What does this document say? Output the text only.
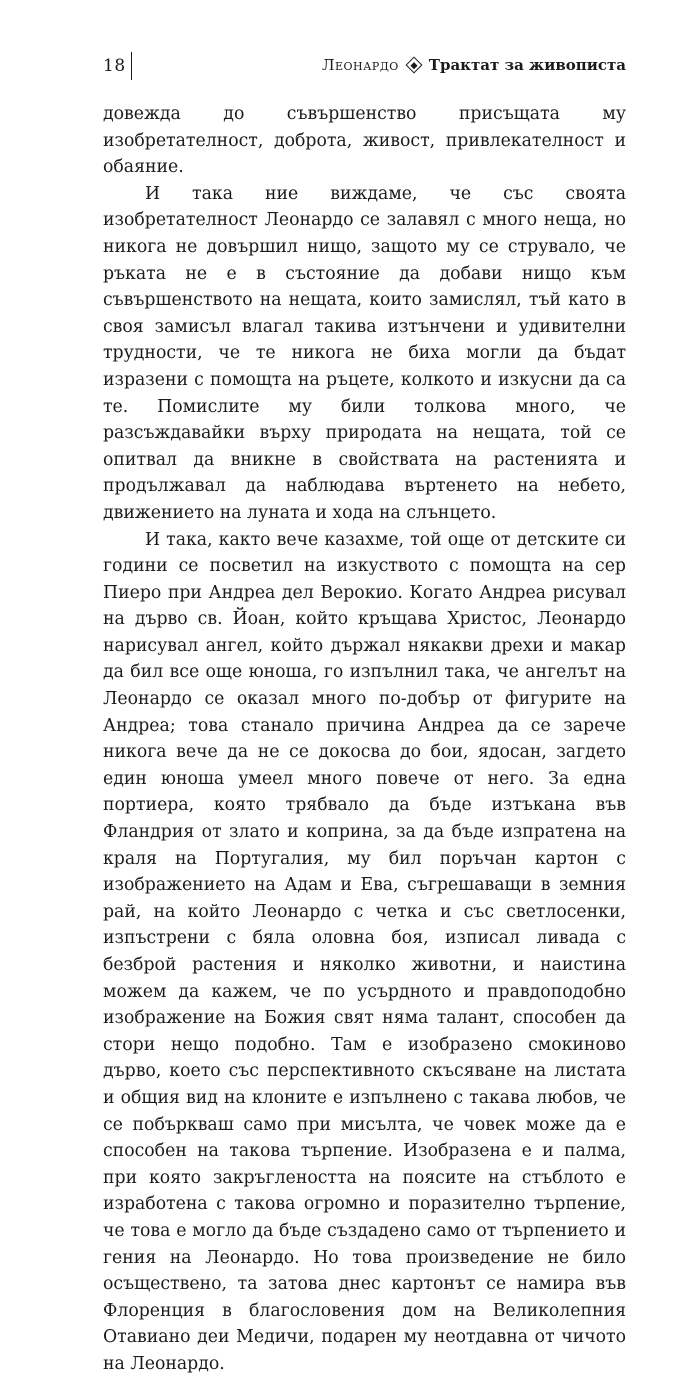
18	Леонардо Трактат за живописта

довежда до съвършенство присъщата му изобретателност, доброта, живост, привлекателност и обаяние.

И така ние виждаме, че със своята изобретателност Леонардо се залавял с много неща, но никога не довършил нищо, защото му се струвало, че ръката не е в състояние да добави нищо към съвършенството на нещата, които замислял, тъй като в своя замисъл влагал такива изтънчени и удивителни трудности, че те никога не биха могли да бъдат изразени с помощта на ръцете, колкото и изкусни да са те. Помислите му били толкова много, че разсъждавайки върху природата на нещата, той се опитвал да вникне в свойствата на растенията и продължавал да наблюдава въртенето на небето, движението на луната и хода на слънцето.

И така, както вече казахме, той още от детските си години се посветил на изкуството с помощта на сер Пиеро при Андреа дел Верокио. Когато Андреа рисувал на дърво св. Йоан, който кръщава Христос, Леонардо нарисувал ангел, който държал някакви дрехи и макар да бил все още юноша, го изпълнил така, че ангелът на Леонардо се оказал много по-добър от фигурите на Андреа; това станало причина Андреа да се зарече никога вече да не се докосва до бои, ядосан, загдето един юноша умеел много повече от него. За една портиера, която трябвало да бъде изтъкана във Фландрия от злато и коприна, за да бъде изпратена на краля на Португалия, му бил поръчан картон с изображението на Адам и Ева, съгрешаващи в земния рай, на който Леонардо с четка и със светлосенки, изпъстрени с бяла оловна боя, изписал ливада с безброй растения и няколко животни, и наистина можем да кажем, че по усърдното и правдоподобно изображение на Божия свят няма талант, способен да стори нещо подобно. Там е изобразено смокиново дърво, което със перспективното скъсяване на листата и общия вид на клоните е изпълнено с такава любов, че се побъркваш само при мисълта, че човек може да е способен на такова търпение. Изобразена е и палма, при която закръглеността на поясите на стъблото е изработена с такова огромно и поразително търпение, че това е могло да бъде създадено само от търпението и гения на Леонардо. Но това произведение не било осъществено, та затова днес картонът се намира във Флоренция в благословения дом на Великолепния Отавиано деи Медичи, подарен му неотдавна от чичото на Леонардо.
